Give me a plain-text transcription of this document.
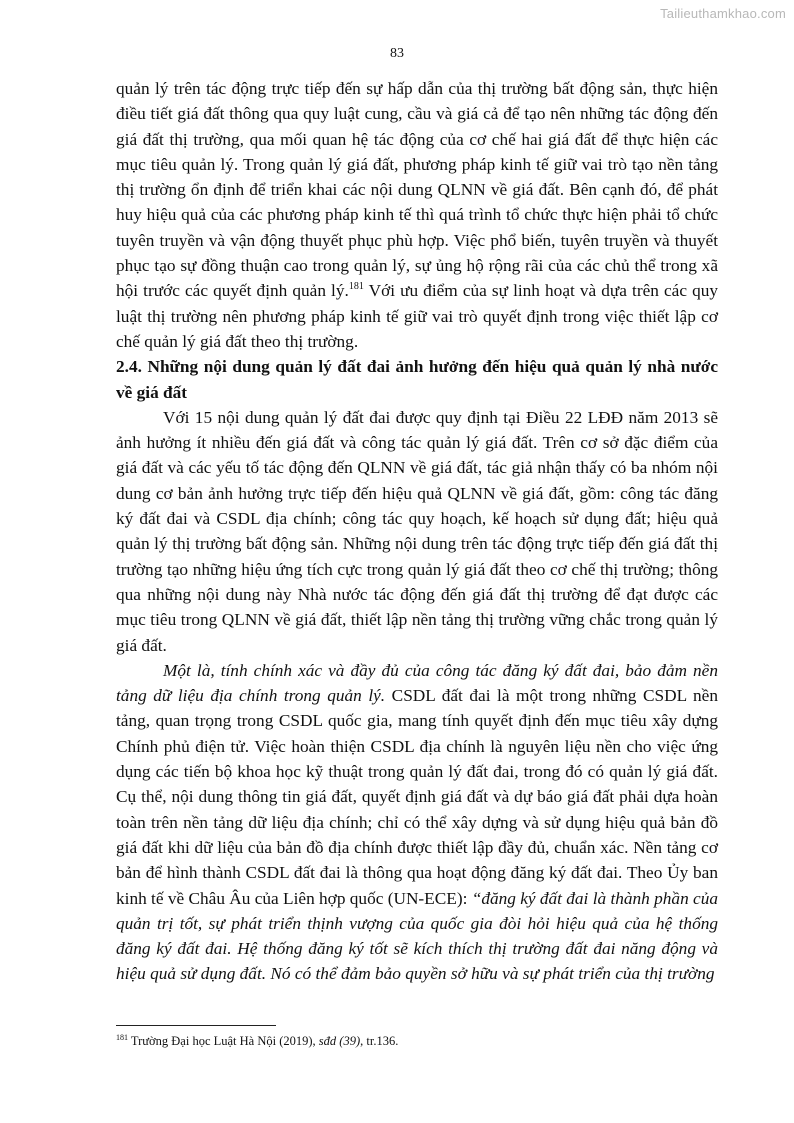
Tailieuthamkhao.com
83

quản lý trên tác động trực tiếp đến sự hấp dẫn của thị trường bất động sản, thực hiện điều tiết giá đất thông qua quy luật cung, cầu và giá cả để tạo nên những tác động đến giá đất thị trường, qua mối quan hệ tác động của cơ chế hai giá đất để thực hiện các mục tiêu quản lý. Trong quản lý giá đất, phương pháp kinh tế giữ vai trò tạo nền tảng thị trường ổn định để triển khai các nội dung QLNN về giá đất. Bên cạnh đó, để phát huy hiệu quả của các phương pháp kinh tế thì quá trình tổ chức thực hiện phải tổ chức tuyên truyền và vận động thuyết phục phù hợp. Việc phổ biến, tuyên truyền và thuyết phục tạo sự đồng thuận cao trong quản lý, sự ủng hộ rộng rãi của các chủ thể trong xã hội trước các quyết định quản lý.$^{181}$ Với ưu điểm của sự linh hoạt và dựa trên các quy luật thị trường nên phương pháp kinh tế giữ vai trò quyết định trong việc thiết lập cơ chế quản lý giá đất theo thị trường.

2.4. Những nội dung quản lý đất đai ảnh hưởng đến hiệu quả quản lý nhà nước về giá đất

Với 15 nội dung quản lý đất đai được quy định tại Điều 22 LĐĐ năm 2013 sẽ ảnh hưởng ít nhiều đến giá đất và công tác quản lý giá đất. Trên cơ sở đặc điểm của giá đất và các yếu tố tác động đến QLNN về giá đất, tác giả nhận thấy có ba nhóm nội dung cơ bản ảnh hưởng trực tiếp đến hiệu quả QLNN về giá đất, gồm: công tác đăng ký đất đai và CSDL địa chính; công tác quy hoạch, kế hoạch sử dụng đất; hiệu quả quản lý thị trường bất động sản. Những nội dung trên tác động trực tiếp đến giá đất thị trường tạo những hiệu ứng tích cực trong quản lý giá đất theo cơ chế thị trường; thông qua những nội dung này Nhà nước tác động đến giá đất thị trường để đạt được các mục tiêu trong QLNN về giá đất, thiết lập nền tảng thị trường vững chắc trong quản lý giá đất.

Một là, tính chính xác và đầy đủ của công tác đăng ký đất đai, bảo đảm nền tảng dữ liệu địa chính trong quản lý. CSDL đất đai là một trong những CSDL nền tảng, quan trọng trong CSDL quốc gia, mang tính quyết định đến mục tiêu xây dựng Chính phủ điện tử. Việc hoàn thiện CSDL địa chính là nguyên liệu nền cho việc ứng dụng các tiến bộ khoa học kỹ thuật trong quản lý đất đai, trong đó có quản lý giá đất. Cụ thể, nội dung thông tin giá đất, quyết định giá đất và dự báo giá đất phải dựa hoàn toàn trên nền tảng dữ liệu địa chính; chỉ có thể xây dựng và sử dụng hiệu quả bản đồ giá đất khi dữ liệu của bản đồ địa chính được thiết lập đầy đủ, chuẩn xác. Nền tảng cơ bản để hình thành CSDL đất đai là thông qua hoạt động đăng ký đất đai. Theo Ủy ban kinh tế về Châu Âu của Liên hợp quốc (UN-ECE): “đăng ký đất đai là thành phần của quản trị tốt, sự phát triển thịnh vượng của quốc gia đòi hỏi hiệu quả của hệ thống đăng ký đất đai. Hệ thống đăng ký tốt sẽ kích thích thị trường đất đai năng động và hiệu quả sử dụng đất. Nó có thể đảm bảo quyền sở hữu và sự phát triển của thị trường

$^{181}$ Trường Đại học Luật Hà Nội (2019), sđd (39), tr.136.
